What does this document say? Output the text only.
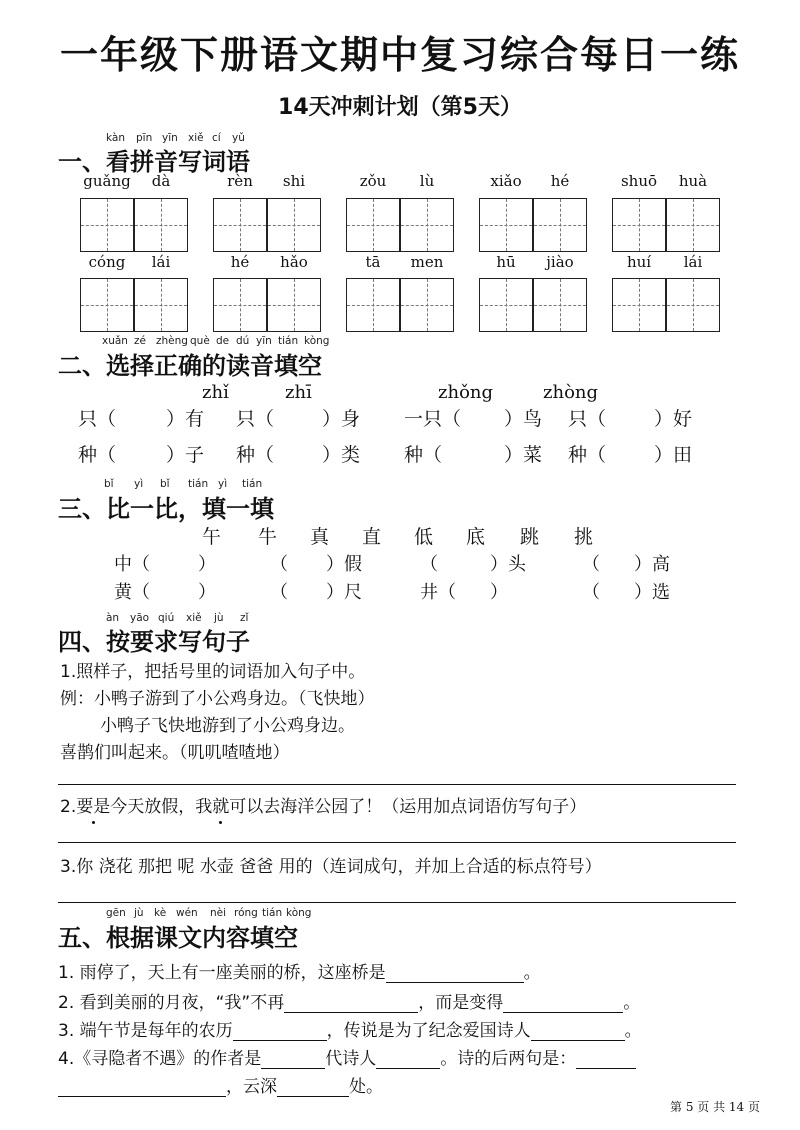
一年级下册语文期中复习综合每日一练
14天冲刺计划（第5天）
kàn pīn yīn xiě cí yǔ
一、看拼音写词语
guǎng	dà	rèn	shi	zǒu	lù	xiǎo	hé	shuō	huà
cóng	lái	hé	hǎo	tā	men	hū	jiào	huí	lái
xuǎn zé zhèng què de dú yīn tián kòng
二、选择正确的读音填空
zhǐ	zhī	zhǒng	zhòng
只（	）有 只（	）身 一只（ ）鸟 只（	）好
种（	）子 种（	）类 种（	）菜 种（	）田
bǐ yì bǐ tián yì tián
三、比一比，填一填
午 牛 真 直 低 底 跳 挑
中（	）	（ ）假	（	）头	（ ）高
黄（	）	（ ）尺	井（ ）	（ ）选
àn yāo qiú xiě jù zǐ
四、按要求写句子
1.照样子，把括号里的词语加入句子中。
例：小鸭子游到了小公鸡身边。（飞快地）
小鸭子飞快地游到了小公鸡身边。
喜鹊们叫起来。（叽叽喳喳地）
2.要是今天放假，我就可以去海洋公园了！（运用加点词语仿写句子）
3.你 浇花 那把 呢 水壶 爸爸 用的（连词成句，并加上合适的标点符号）
gēn jù kè wén nèi róng tián kòng
五、根据课文内容填空
1. 雨停了，天上有一座美丽的桥，这座桥是	。
2. 看到美丽的月夜，“我”不再	，而是变得	。
3. 端午节是每年的农历	，传说是为了纪念爱国诗人	。
4.《寻隐者不遇》的作者是	代诗人	。诗的后两句是：
，云深	处。
第 5 页 共 14 页
